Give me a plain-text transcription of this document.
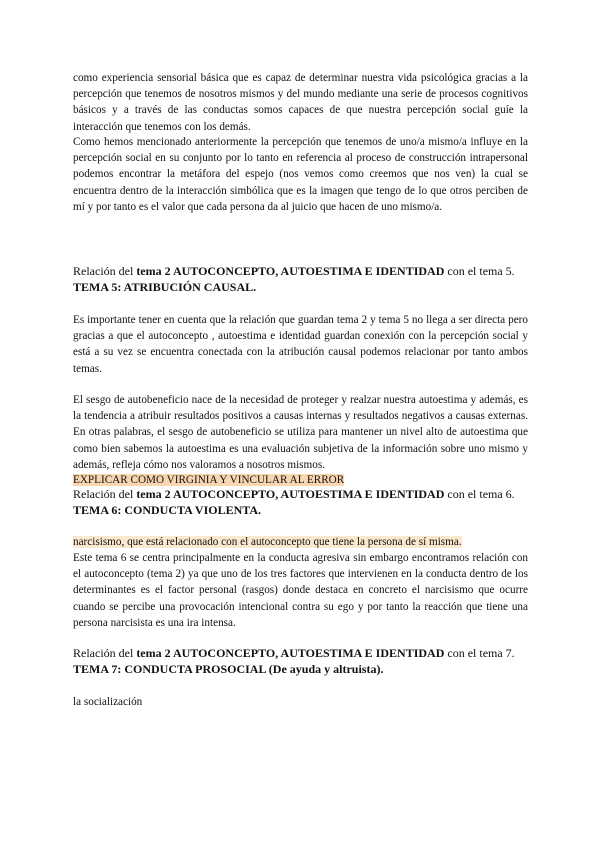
como experiencia sensorial básica que es capaz de determinar nuestra vida psicológica gracias a la percepción que tenemos de nosotros mismos y del mundo mediante una serie de procesos cognitivos básicos y a través de las conductas somos capaces de que nuestra percepción social guíe la interacción que tenemos con los demás.
Como hemos mencionado anteriormente la percepción que tenemos de uno/a mismo/a influye en la percepción social en su conjunto por lo tanto en referencia al proceso de construcción intrapersonal podemos encontrar la metáfora del espejo (nos vemos como creemos que nos ven) la cual se encuentra dentro de la interacción simbólica que es la imagen que tengo de lo que otros perciben de mí y por tanto es el valor que cada persona da al juicio que hacen de uno mismo/a.
Relación del tema 2 AUTOCONCEPTO, AUTOESTIMA E IDENTIDAD con el tema 5.
TEMA 5: ATRIBUCIÓN CAUSAL.
Es importante tener en cuenta que la relación que guardan tema 2 y tema 5 no llega a ser directa pero gracias a que el autoconcepto , autoestima e identidad guardan conexión con la percepción social y está a su vez se encuentra conectada con la atribución causal podemos relacionar por tanto ambos temas.
El sesgo de autobeneficio nace de la necesidad de proteger y realzar nuestra autoestima y además, es la tendencia a atribuir resultados positivos a causas internas y resultados negativos a causas externas. En otras palabras, el sesgo de autobeneficio se utiliza para mantener un nivel alto de autoestima que como bien sabemos la autoestima es una evaluación subjetiva de la información sobre uno mismo y además, refleja cómo nos valoramos a nosotros mismos.
EXPLICAR COMO VIRGINIA Y VINCULAR AL ERROR
Relación del tema 2 AUTOCONCEPTO, AUTOESTIMA E IDENTIDAD con el tema 6.
TEMA 6: CONDUCTA VIOLENTA.
narcisismo, que está relacionado con el autoconcepto que tiene la persona de sí misma.
Este tema 6 se centra principalmente en la conducta agresiva sin embargo encontramos relación con el autoconcepto (tema 2) ya que uno de los tres factores que intervienen en la conducta dentro de los determinantes es el factor personal (rasgos) donde destaca en concreto el narcisismo que ocurre cuando se percibe una provocación intencional contra su ego y por tanto la reacción que tiene una persona narcisista es una ira intensa.
Relación del tema 2 AUTOCONCEPTO, AUTOESTIMA E IDENTIDAD con el tema 7.
TEMA 7: CONDUCTA PROSOCIAL (De ayuda y altruista).
la socialización
